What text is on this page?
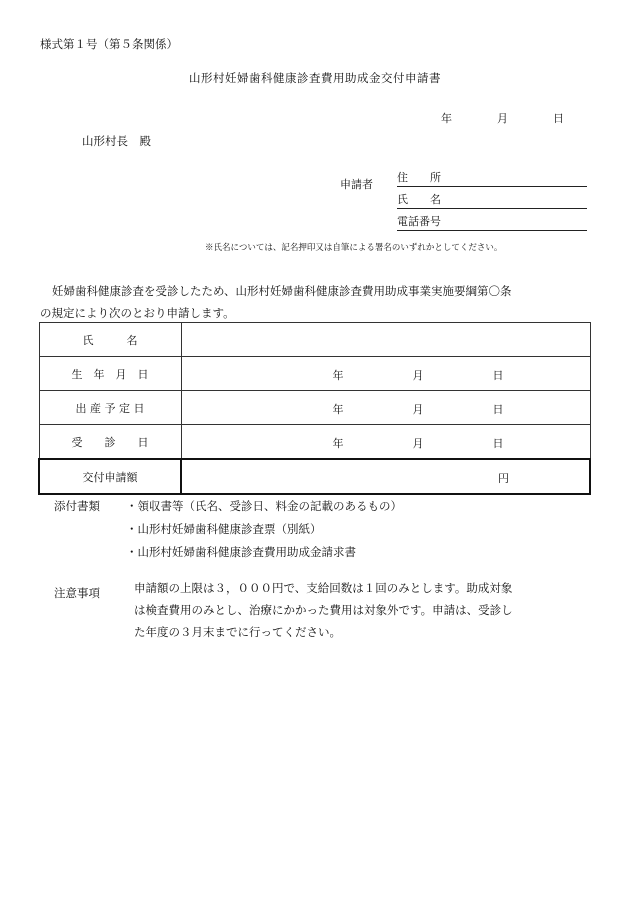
様式第１号（第５条関係）
山形村妊婦歯科健康診査費用助成金交付申請書
年	月	日
山形村長　殿
申請者
住　　所
氏　　名
電話番号
※氏名については、記名押印又は自筆による署名のいずれかとしてください。

妊婦歯科健康診査を受診したため、山形村妊婦歯科健康診査費用助成事業実施要綱第〇条

の規定により次のとおり申請します。

氏　　　名	
生　年　月　日	年 月 日

出 産 予 定 日	年 月 日

受　　診　　日	年 月 日

交付申請額	円
添付書類 ・領収書等（氏名、受診日、料金の記載のあるもの）
・山形村妊婦歯科健康診査票（別紙）
・山形村妊婦歯科健康診査費用助成金請求書
注意事項	申請額の上限は３，０００円で、支給回数は１回のみとします。助成対象

は検査費用のみとし、治療にかかった費用は対象外です。申請は、受診し

た年度の３月末までに行ってください。
